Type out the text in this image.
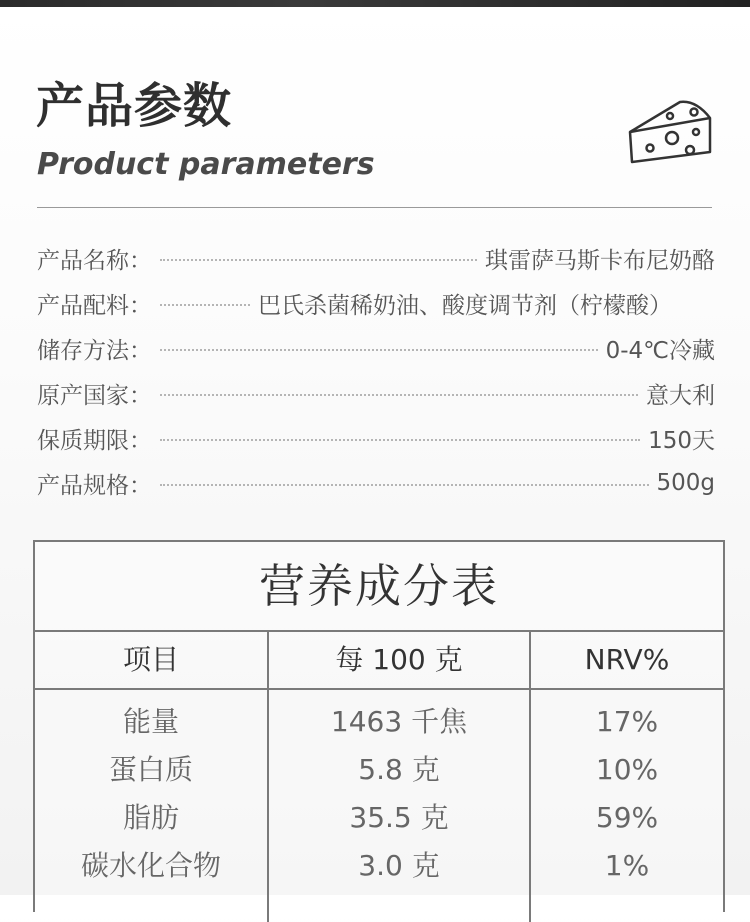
产品参数
Product parameters
产品名称：	琪雷萨马斯卡布尼奶酪
产品配料：	巴氏杀菌稀奶油、酸度调节剂（柠檬酸）
储存方法：	0-4℃冷藏
原产国家：	意大利
保质期限：	150天
产品规格：	500g
营养成分表
项目	每 100 克	NRV%
能量	1463 千焦	17%
蛋白质	5.8 克	10%
脂肪	35.5 克	59%
碳水化合物	3.0 克	1%
